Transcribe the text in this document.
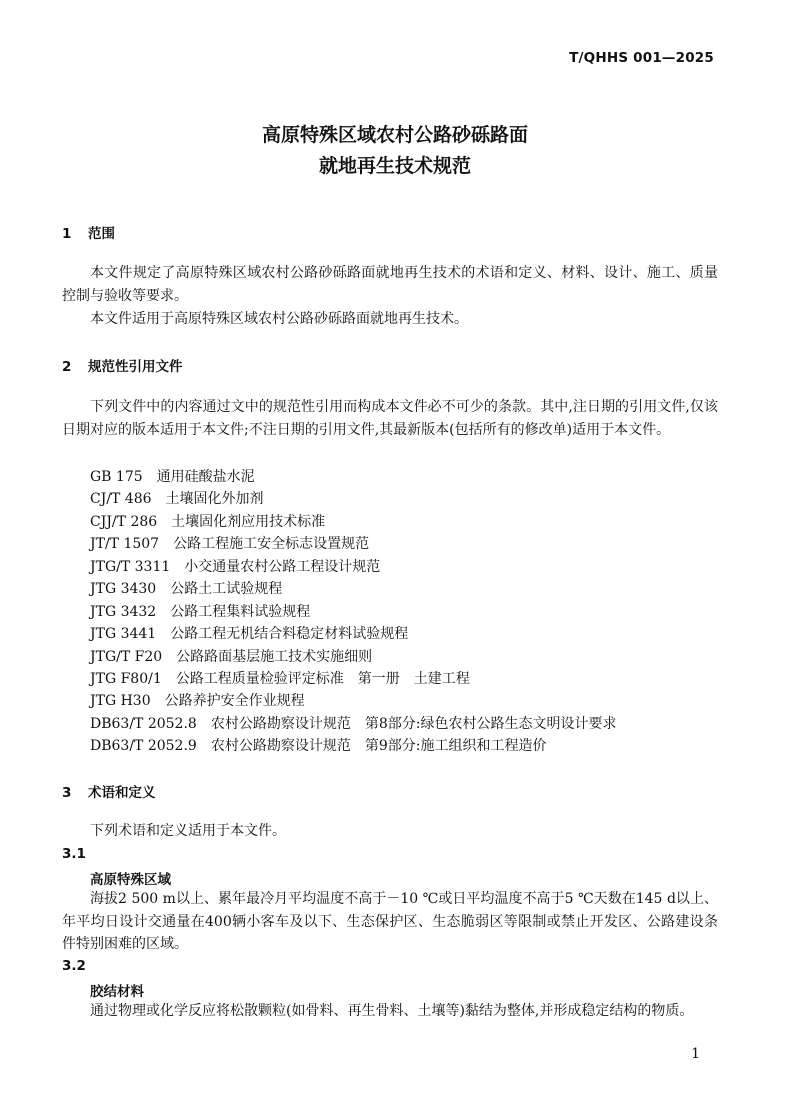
T/QHHS 001—2025
高原特殊区域农村公路砂砾路面
就地再生技术规范
1 范围
本文件规定了高原特殊区域农村公路砂砾路面就地再生技术的术语和定义、材料、设计、施工、质量控制与验收等要求。
本文件适用于高原特殊区域农村公路砂砾路面就地再生技术。
2 规范性引用文件
下列文件中的内容通过文中的规范性引用而构成本文件必不可少的条款。其中,注日期的引用文件,仅该日期对应的版本适用于本文件;不注日期的引用文件,其最新版本(包括所有的修改单)适用于本文件。
GB 175　通用硅酸盐水泥
CJ/T 486　土壤固化外加剂
CJJ/T 286　土壤固化剂应用技术标准
JT/T 1507　公路工程施工安全标志设置规范
JTG/T 3311　小交通量农村公路工程设计规范
JTG 3430　公路土工试验规程
JTG 3432　公路工程集料试验规程
JTG 3441　公路工程无机结合料稳定材料试验规程
JTG/T F20　公路路面基层施工技术实施细则
JTG F80/1　公路工程质量检验评定标准　第一册　土建工程
JTG H30　公路养护安全作业规程
DB63/T 2052.8　农村公路勘察设计规范　第8部分:绿色农村公路生态文明设计要求
DB63/T 2052.9　农村公路勘察设计规范　第9部分:施工组织和工程造价
3 术语和定义
下列术语和定义适用于本文件。
3.1
高原特殊区域
海拔2 500 m以上、累年最冷月平均温度不高于－10 ℃或日平均温度不高于5 ℃天数在145 d以上、年平均日设计交通量在400辆小客车及以下、生态保护区、生态脆弱区等限制或禁止开发区、公路建设条件特别困难的区域。
3.2
胶结材料
通过物理或化学反应将松散颗粒(如骨料、再生骨料、土壤等)黏结为整体,并形成稳定结构的物质。
1
